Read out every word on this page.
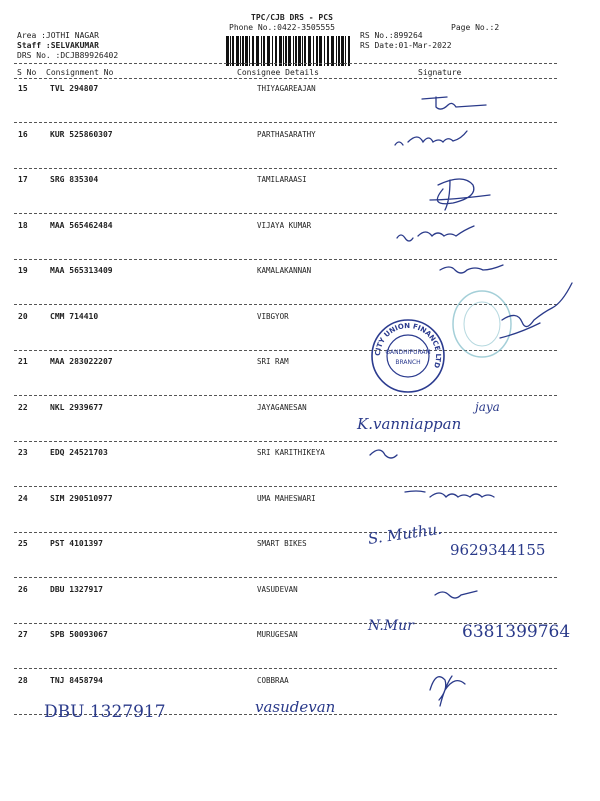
TPC/CJB DRS - PCS
Phone No.:0422-3505555	Page No.:2
Area :JOTHI NAGAR
Staff :SELVAKUMAR
DRS No. :DCJB89926402
RS No.:899264
RS Date:01-Mar-2022
S No Consignment No	Consignee Details	Signature
15	TVL 294807	THIYAGAREAJAN
16	KUR 525860307	PARTHASARATHY
17	SRG 835304	TAMILARAASI
18	MAA 565462484	VIJAYA KUMAR
19	MAA 565313409	KAMALAKANNAN
20	CMM 714410	VIBGYOR
21	MAA 283022207	SRI RAM
22	NKL 2939677	JAYAGANESAN
23	EDQ 24521703	SRI KARITHIKEYA
24	SIM 290510977	UMA MAHESWARI
25	PST 4101397	SMART BIKES
26	DBU 1327917	VASUDEVAN
27	SPB 50093067	MURUGESAN
28	TNJ 8458794	COBBRAA
CITY UNION FINANCE LTD
GANDHIPURAM
BRANCH
K.vanniappan
jaya
S. Muthu.
9629344155
N.Mur	6381399764
DBU 1327917	vasudevan
